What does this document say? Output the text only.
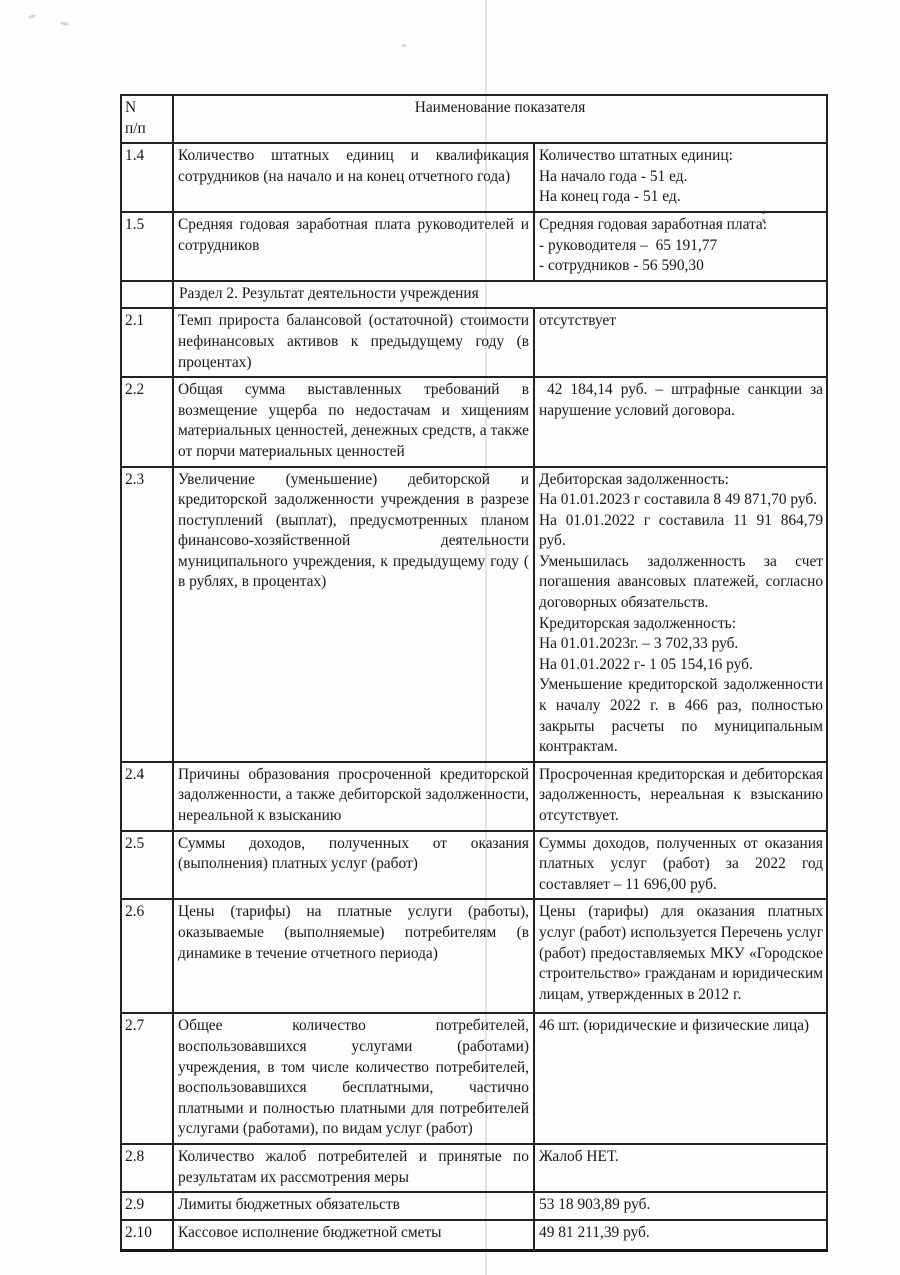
N
п/п	Наименование показателя	
1.4	Количество штатных единиц и квалификация сотрудников (на начало и на конец отчетного года)	Количество штатных единиц:
На начало года - 51 ед.
На конец года - 51 ед.

1.5	Средняя годовая заработная плата руководителей и сотрудников	Средняя годовая заработная плата:
- руководителя –  65 191,77
- сотрудников - 56 590,30

	Раздел 2. Результат деятельности учреждения	
2.1	Темп прироста балансовой (остаточной) стоимости нефинансовых активов к предыдущему году (в процентах)	отсутствует

2.2	Общая сумма выставленных требований в возмещение ущерба по недостачам и хищениям материальных ценностей, денежных средств, а также от порчи материальных ценностей	42 184,14 руб. – штрафные санкции за нарушение условий договора.

2.3	Увеличение (уменьшение) дебиторской и кредиторской задолженности учреждения в разрезе поступлений (выплат), предусмотренных планом финансово-хозяйственной деятельности муниципального учреждения, к предыдущему году ( в рублях, в процентах)	
Дебиторская задолженность:
На 01.01.2023 г составила 8 49 871,70 руб.
На 01.01.2022 г составила 11 91 864,79 руб.
Уменьшилась задолженность за счет погашения авансовых платежей, согласно договорных обязательств.
Кредиторская задолженность:
На 01.01.2023г. – 3 702,33 руб.
На 01.01.2022 г- 1 05 154,16 руб.
Уменьшение кредиторской задолженности к началу 2022 г. в 466 раз, полностью закрыты расчеты по муниципальным контрактам.

2.4	Причины образования просроченной кредиторской задолженности, а также дебиторской задолженности, нереальной к взысканию	Просроченная кредиторская и дебиторская задолженность, нереальная к взысканию отсутствует.

2.5	Суммы доходов, полученных от оказания (выполнения) платных услуг (работ)	Суммы доходов, полученных от оказания платных услуг (работ) за 2022 год составляет – 11 696,00 руб.

2.6	Цены (тарифы) на платные услуги (работы), оказываемые (выполняемые) потребителям (в динамике в течение отчетного периода)	Цены (тарифы) для оказания платных услуг (работ) используется Перечень услуг (работ) предоставляемых МКУ «Городское строительство» гражданам и юридическим лицам, утвержденных в 2012 г.

2.7	Общее количество потребителей, воспользовавшихся услугами (работами) учреждения, в том числе количество потребителей, воспользовавшихся бесплатными, частично платными и полностью платными для потребителей услугами (работами), по видам услуг (работ)	46 шт. (юридические и физические лица)

2.8	Количество жалоб потребителей и принятые по результатам их рассмотрения меры	Жалоб НЕТ.

2.9	Лимиты бюджетных обязательств	53 18 903,89 руб.

2.10	Кассовое исполнение бюджетной сметы	49 81 211,39 руб.
